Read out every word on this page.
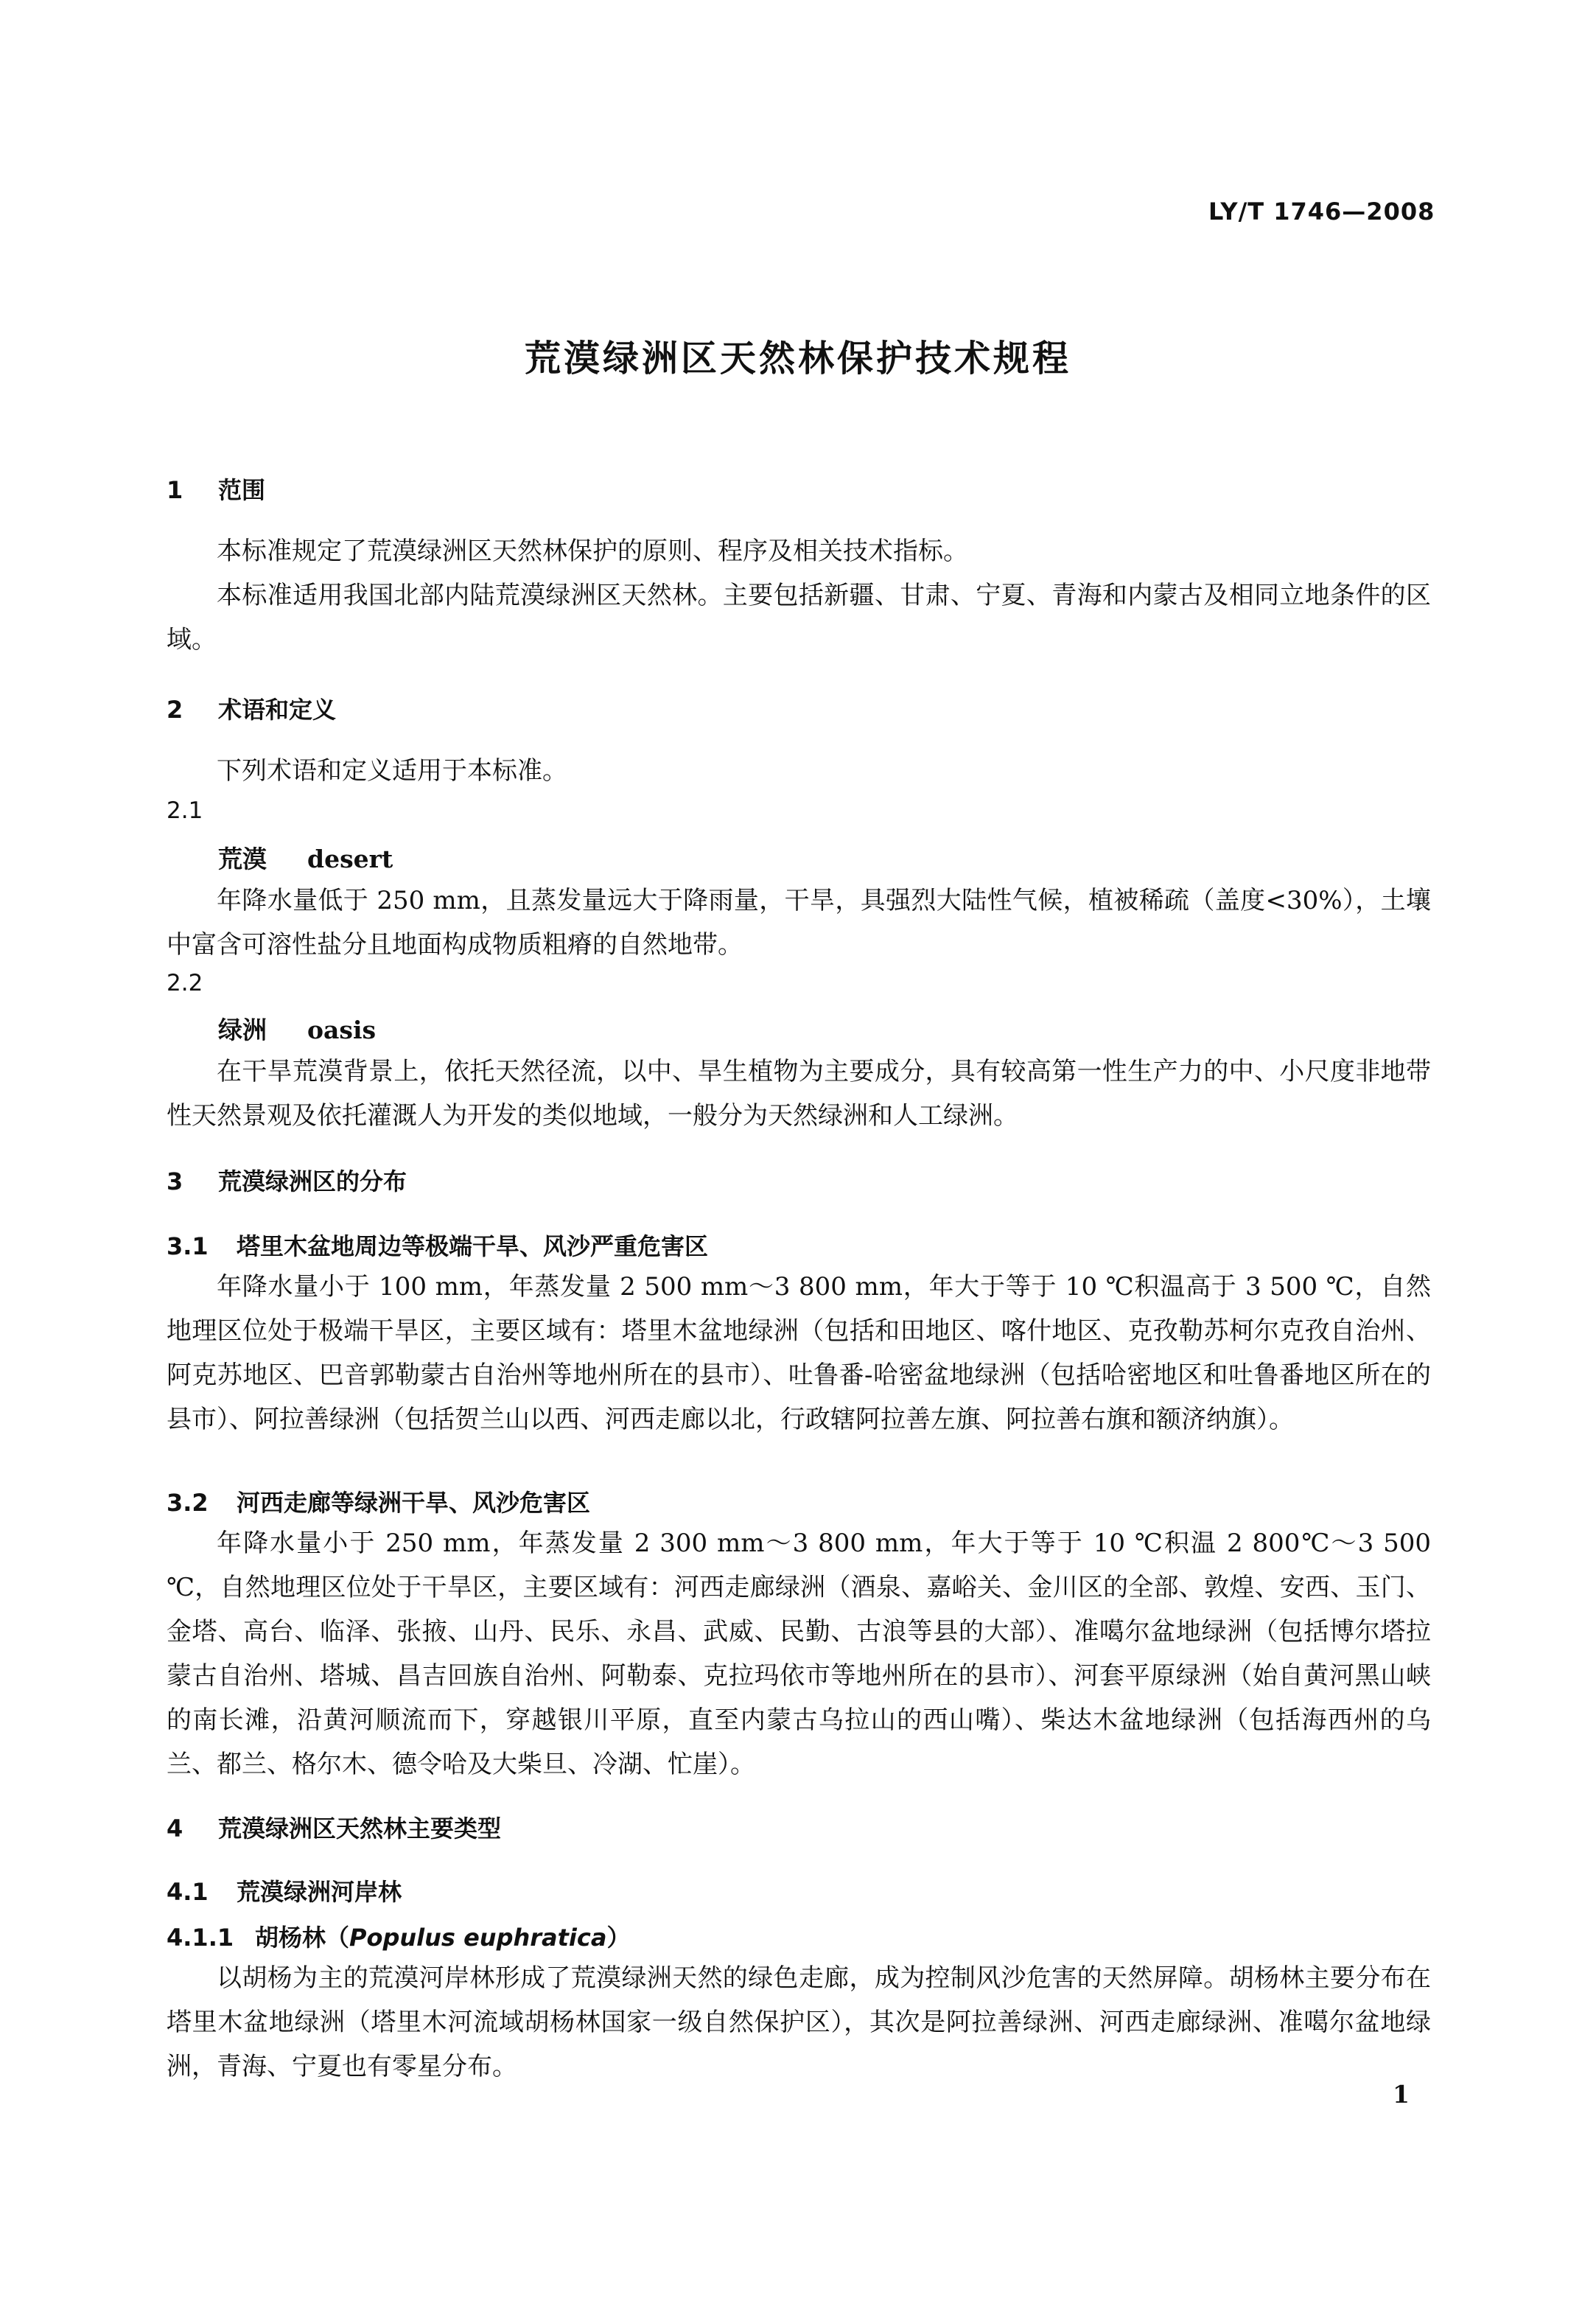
LY/T 1746—2008
荒漠绿洲区天然林保护技术规程
1 范围
本标准规定了荒漠绿洲区天然林保护的原则、程序及相关技术指标。
本标准适用我国北部内陆荒漠绿洲区天然林。主要包括新疆、甘肃、宁夏、青海和内蒙古及相同立地条件的区域。
2 术语和定义
下列术语和定义适用于本标准。
2.1
荒漠 desert
年降水量低于 250 mm，且蒸发量远大于降雨量，干旱，具强烈大陆性气候，植被稀疏（盖度<30%），土壤中富含可溶性盐分且地面构成物质粗瘠的自然地带。
2.2
绿洲 oasis
在干旱荒漠背景上，依托天然径流，以中、旱生植物为主要成分，具有较高第一性生产力的中、小尺度非地带性天然景观及依托灌溉人为开发的类似地域，一般分为天然绿洲和人工绿洲。
3 荒漠绿洲区的分布
3.1 塔里木盆地周边等极端干旱、风沙严重危害区
年降水量小于 100 mm，年蒸发量 2 500 mm～3 800 mm，年大于等于 10 ℃积温高于 3 500 ℃，自然地理区位处于极端干旱区，主要区域有：塔里木盆地绿洲（包括和田地区、喀什地区、克孜勒苏柯尔克孜自治州、阿克苏地区、巴音郭勒蒙古自治州等地州所在的县市）、吐鲁番-哈密盆地绿洲（包括哈密地区和吐鲁番地区所在的县市）、阿拉善绿洲（包括贺兰山以西、河西走廊以北，行政辖阿拉善左旗、阿拉善右旗和额济纳旗）。
3.2 河西走廊等绿洲干旱、风沙危害区
年降水量小于 250 mm，年蒸发量 2 300 mm～3 800 mm，年大于等于 10 ℃积温 2 800℃～3 500 ℃，自然地理区位处于干旱区，主要区域有：河西走廊绿洲（酒泉、嘉峪关、金川区的全部、敦煌、安西、玉门、金塔、高台、临泽、张掖、山丹、民乐、永昌、武威、民勤、古浪等县的大部）、准噶尔盆地绿洲（包括博尔塔拉蒙古自治州、塔城、昌吉回族自治州、阿勒泰、克拉玛依市等地州所在的县市）、河套平原绿洲（始自黄河黑山峡的南长滩，沿黄河顺流而下，穿越银川平原，直至内蒙古乌拉山的西山嘴）、柴达木盆地绿洲（包括海西州的乌兰、都兰、格尔木、德令哈及大柴旦、冷湖、忙崖）。
4 荒漠绿洲区天然林主要类型
4.1 荒漠绿洲河岸林
4.1.1 胡杨林（Populus euphratica）
以胡杨为主的荒漠河岸林形成了荒漠绿洲天然的绿色走廊，成为控制风沙危害的天然屏障。胡杨林主要分布在塔里木盆地绿洲（塔里木河流域胡杨林国家一级自然保护区），其次是阿拉善绿洲、河西走廊绿洲、准噶尔盆地绿洲，青海、宁夏也有零星分布。
1
